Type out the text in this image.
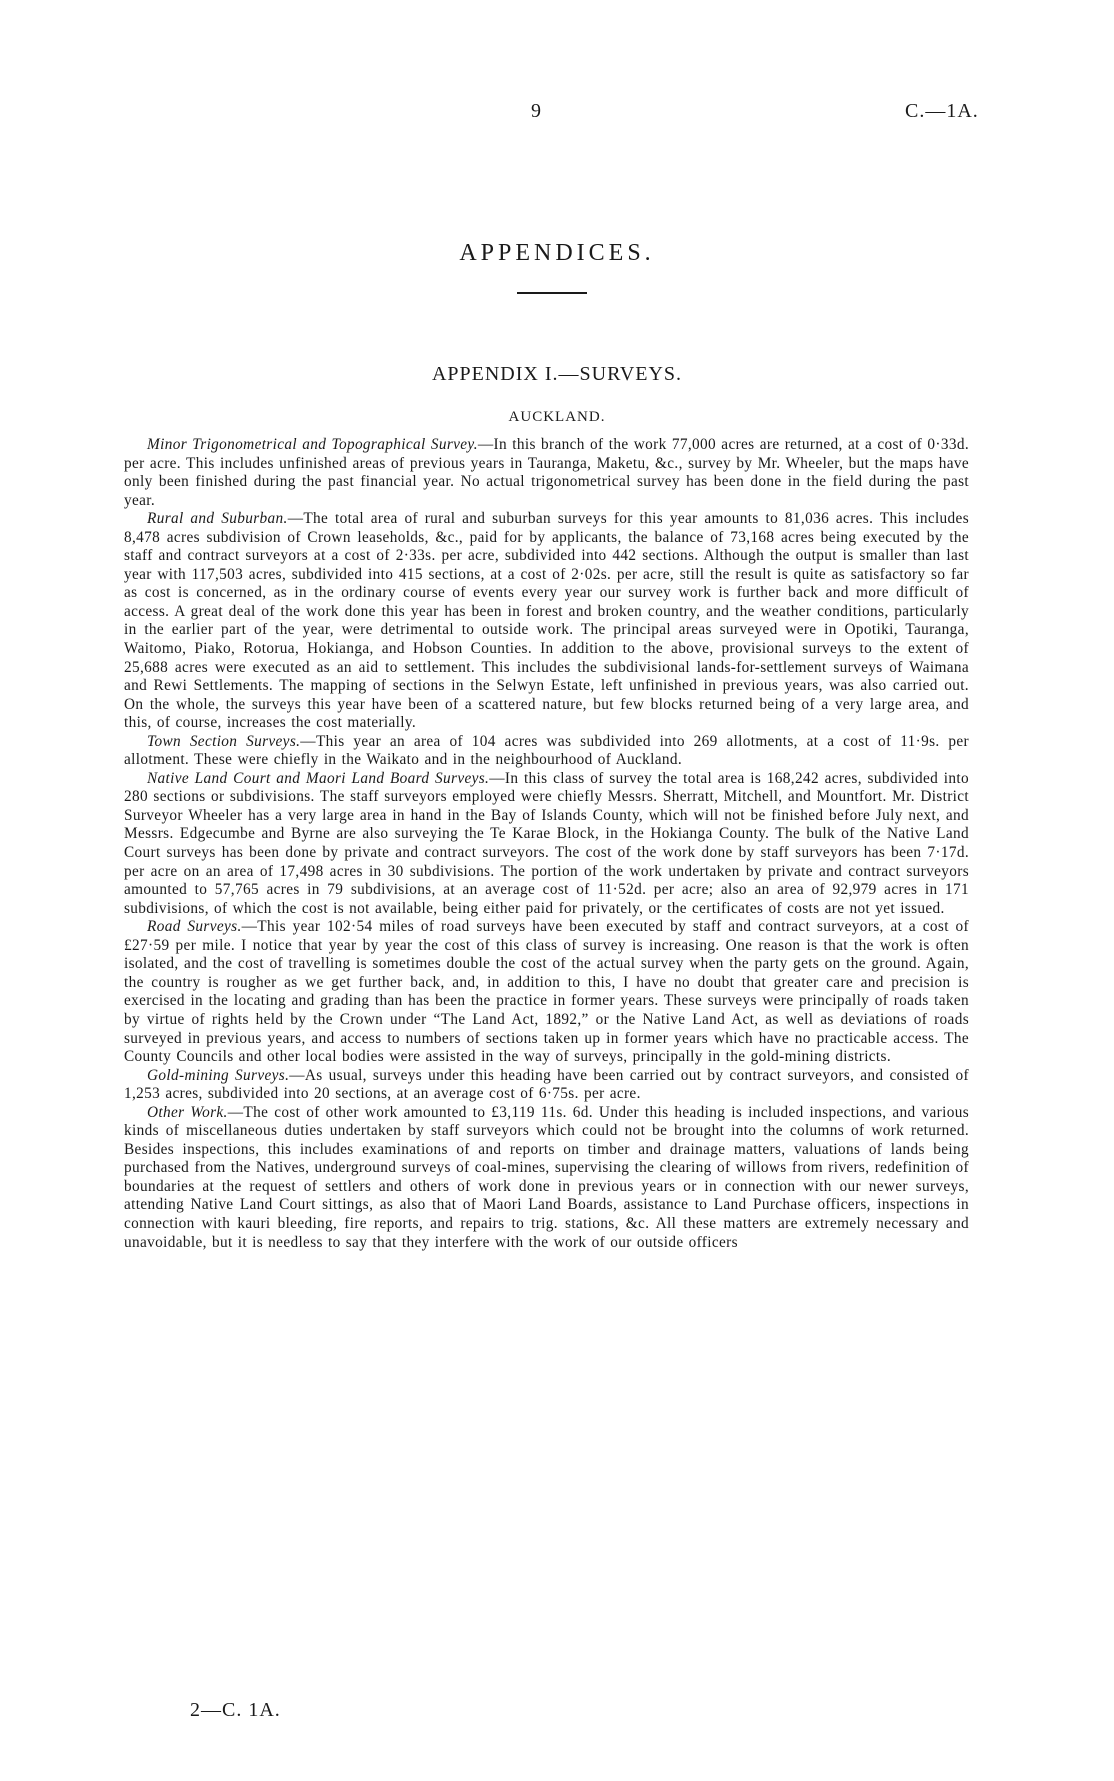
9	C.—1A.
APPENDICES.
APPENDIX I.—SURVEYS.
AUCKLAND.

Minor Trigonometrical and Topographical Survey.—In this branch of the work 77,000 acres are returned, at a cost of 0·33d. per acre. This includes unfinished areas of previous years in Tauranga, Maketu, &c., survey by Mr. Wheeler, but the maps have only been finished during the past financial year. No actual trigonometrical survey has been done in the field during the past year.

Rural and Suburban.—The total area of rural and suburban surveys for this year amounts to 81,036 acres. This includes 8,478 acres subdivision of Crown leaseholds, &c., paid for by applicants, the balance of 73,168 acres being executed by the staff and contract surveyors at a cost of 2·33s. per acre, subdivided into 442 sections. Although the output is smaller than last year with 117,503 acres, subdivided into 415 sections, at a cost of 2·02s. per acre, still the result is quite as satisfactory so far as cost is concerned, as in the ordinary course of events every year our survey work is further back and more difficult of access. A great deal of the work done this year has been in forest and broken country, and the weather conditions, particularly in the earlier part of the year, were detrimental to outside work. The principal areas surveyed were in Opotiki, Tauranga, Waitomo, Piako, Rotorua, Hokianga, and Hobson Counties. In addition to the above, provisional surveys to the extent of 25,688 acres were executed as an aid to settlement. This includes the subdivisional lands-for-settlement surveys of Waimana and Rewi Settlements. The mapping of sections in the Selwyn Estate, left unfinished in previous years, was also carried out. On the whole, the surveys this year have been of a scattered nature, but few blocks returned being of a very large area, and this, of course, increases the cost materially.

Town Section Surveys.—This year an area of 104 acres was subdivided into 269 allotments, at a cost of 11·9s. per allotment. These were chiefly in the Waikato and in the neighbourhood of Auckland.

Native Land Court and Maori Land Board Surveys.—In this class of survey the total area is 168,242 acres, subdivided into 280 sections or subdivisions. The staff surveyors employed were chiefly Messrs. Sherratt, Mitchell, and Mountfort. Mr. District Surveyor Wheeler has a very large area in hand in the Bay of Islands County, which will not be finished before July next, and Messrs. Edgecumbe and Byrne are also surveying the Te Karae Block, in the Hokianga County. The bulk of the Native Land Court surveys has been done by private and contract surveyors. The cost of the work done by staff surveyors has been 7·17d. per acre on an area of 17,498 acres in 30 subdivisions. The portion of the work undertaken by private and contract surveyors amounted to 57,765 acres in 79 subdivisions, at an average cost of 11·52d. per acre; also an area of 92,979 acres in 171 subdivisions, of which the cost is not available, being either paid for privately, or the certificates of costs are not yet issued.

Road Surveys.—This year 102·54 miles of road surveys have been executed by staff and contract surveyors, at a cost of £27·59 per mile. I notice that year by year the cost of this class of survey is increasing. One reason is that the work is often isolated, and the cost of travelling is sometimes double the cost of the actual survey when the party gets on the ground. Again, the country is rougher as we get further back, and, in addition to this, I have no doubt that greater care and precision is exercised in the locating and grading than has been the practice in former years. These surveys were principally of roads taken by virtue of rights held by the Crown under “The Land Act, 1892,” or the Native Land Act, as well as deviations of roads surveyed in previous years, and access to numbers of sections taken up in former years which have no practicable access. The County Councils and other local bodies were assisted in the way of surveys, principally in the gold-mining districts.

Gold-mining Surveys.—As usual, surveys under this heading have been carried out by contract surveyors, and consisted of 1,253 acres, subdivided into 20 sections, at an average cost of 6·75s. per acre.

Other Work.—The cost of other work amounted to £3,119 11s. 6d. Under this heading is included inspections, and various kinds of miscellaneous duties undertaken by staff surveyors which could not be brought into the columns of work returned. Besides inspections, this includes examinations of and reports on timber and drainage matters, valuations of lands being purchased from the Natives, underground surveys of coal-mines, supervising the clearing of willows from rivers, redefinition of boundaries at the request of settlers and others of work done in previous years or in connection with our newer surveys, attending Native Land Court sittings, as also that of Maori Land Boards, assistance to Land Purchase officers, inspections in connection with kauri bleeding, fire reports, and repairs to trig. stations, &c. All these matters are extremely necessary and unavoidable, but it is needless to say that they interfere with the work of our outside officers

2—C. 1A.
